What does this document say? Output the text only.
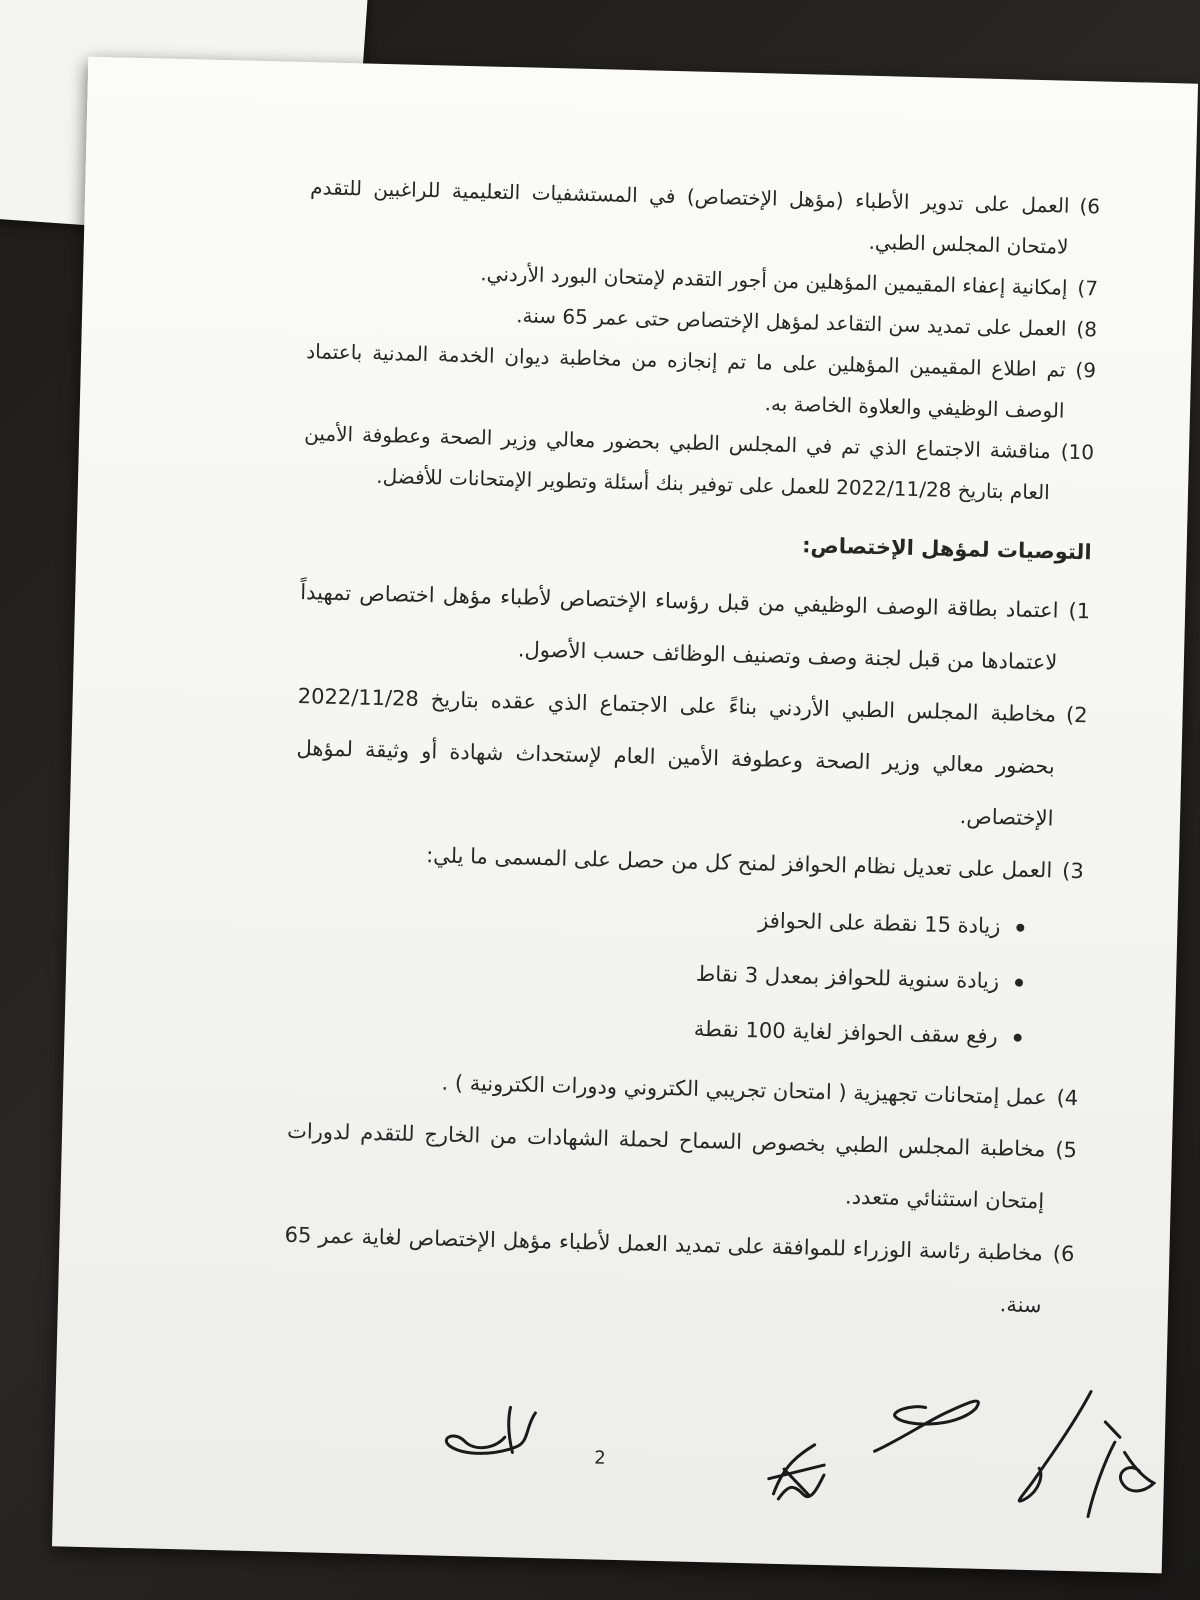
(6
العمل على تدوير الأطباء (مؤهل الإختصاص) في المستشفيات التعليمية للراغبين للتقدم لامتحان المجلس الطبي.
(7
إمكانية إعفاء المقيمين المؤهلين من أجور التقدم لإمتحان البورد الأردني.
(8
العمل على تمديد سن التقاعد لمؤهل الإختصاص حتى عمر 65 سنة.
(9
تم اطلاع المقيمين المؤهلين على ما تم إنجازه من مخاطبة ديوان الخدمة المدنية باعتماد الوصف الوظيفي والعلاوة الخاصة به.
(10
مناقشة الاجتماع الذي تم في المجلس الطبي بحضور معالي وزير الصحة وعطوفة الأمين العام بتاريخ 2022/11/28 للعمل على توفير بنك أسئلة وتطوير الإمتحانات للأفضل.
التوصيات لمؤهل الإختصاص:
(1
اعتماد بطاقة الوصف الوظيفي من قبل رؤساء الإختصاص لأطباء مؤهل اختصاص تمهيداً لاعتمادها من قبل لجنة وصف وتصنيف الوظائف حسب الأصول.
(2
مخاطبة المجلس الطبي الأردني بناءً على الاجتماع الذي عقده بتاريخ 2022/11/28 بحضور معالي وزير الصحة وعطوفة الأمين العام لإستحداث شهادة أو وثيقة لمؤهل الإختصاص.
(3
العمل على تعديل نظام الحوافز لمنح كل من حصل على المسمى ما يلي:
زيادة 15 نقطة على الحوافز
زيادة سنوية للحوافز بمعدل 3 نقاط
رفع سقف الحوافز لغاية 100 نقطة
(4
عمل إمتحانات تجهيزية ( امتحان تجريبي الكتروني ودورات الكترونية ) .
(5
مخاطبة المجلس الطبي بخصوص السماح لحملة الشهادات من الخارج للتقدم لدورات إمتحان استثنائي متعدد.
(6
مخاطبة رئاسة الوزراء للموافقة على تمديد العمل لأطباء مؤهل الإختصاص لغاية عمر 65 سنة.
2
